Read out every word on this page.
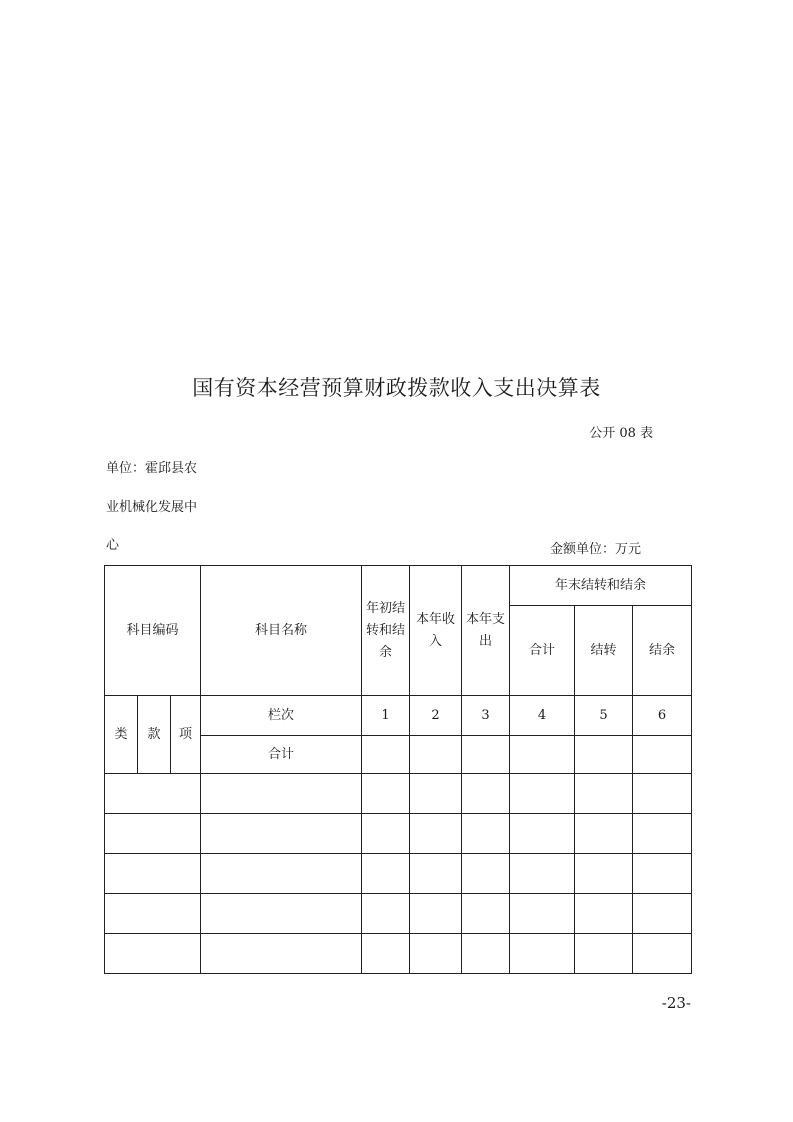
国有资本经营预算财政拨款收入支出决算表
公开 08 表
单位：霍邱县农
业机械化发展中
心	金额单位：万元
科目编码			科目名称	年初结转和结余	本年收入	本年支出	年末结转和结余		
							合计	结转	结余
类	款	项	栏次	1	2	3	4	5	6
			合计						

-23-
